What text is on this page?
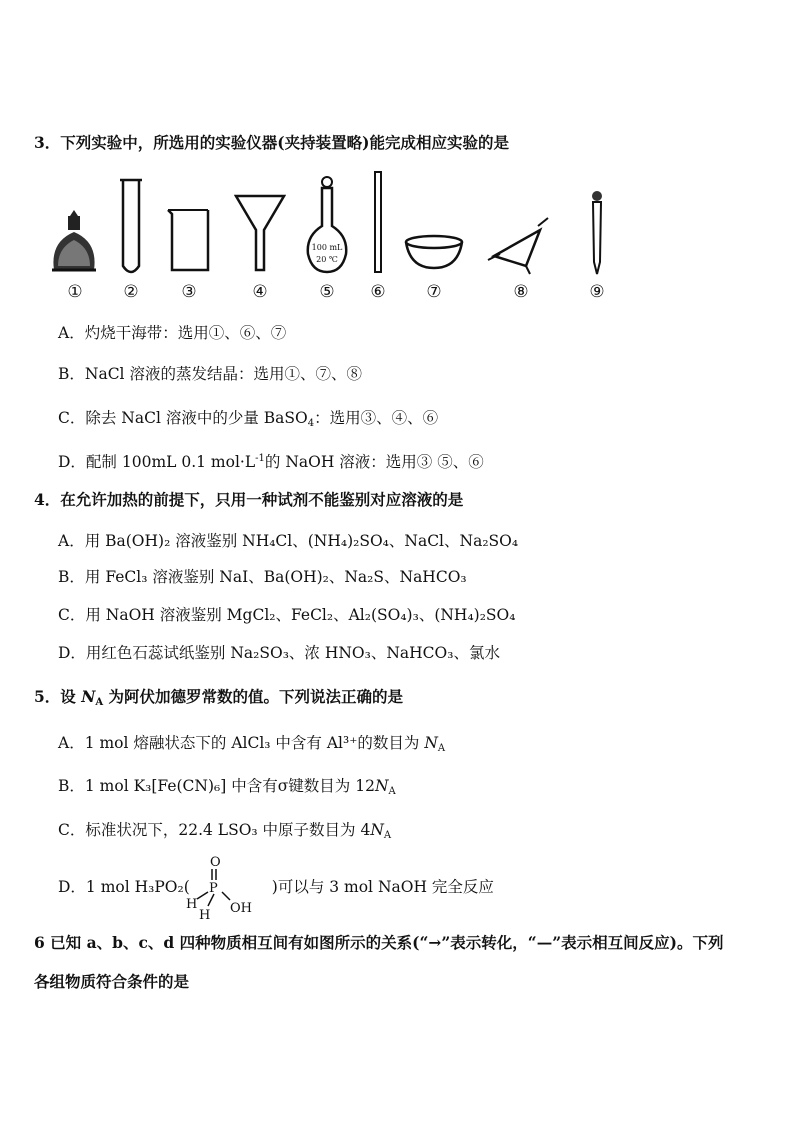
3．下列实验中，所选用的实验仪器(夹持装置略)能完成相应实验的是
100 mL
20 ℃
①	②	③	④	⑤	⑥	⑦	⑧	⑨
A．灼烧干海带：选用①、⑥、⑦
B．NaCl 溶液的蒸发结晶：选用①、⑦、⑧
C．除去 NaCl 溶液中的少量 BaSO$_4$：选用③、④、⑥
D．配制 100mL 0.1 $mol\cdot L^{-1}$的 NaOH 溶液：选用③ ⑤、⑥
4．在允许加热的前提下，只用一种试剂不能鉴别对应溶液的是
A．用 Ba(OH)₂ 溶液鉴别 NH₄Cl、(NH₄)₂SO₄、NaCl、Na₂SO₄
B．用 FeCl₃ 溶液鉴别 NaI、Ba(OH)₂、Na₂S、NaHCO₃
C．用 NaOH 溶液鉴别 MgCl₂、FeCl₂、Al₂(SO₄)₃、(NH₄)₂SO₄
D．用红色石蕊试纸鉴别 Na₂SO₃、浓 HNO₃、NaHCO₃、氯水
5．设 $N_A$ 为阿伏加德罗常数的值。下列说法正确的是
A．1 mol 熔融状态下的 AlCl₃ 中含有 Al³⁺的数目为 $N_A$
B．1 mol K₃[Fe(CN)₆] 中含有σ键数目为 $12N_A$
C．标准状况下，22.4 LSO₃ 中原子数目为 $4N_A$
D．1 mol H₃PO₂(	)可以与 3 mol NaOH 完全反应
O
P
H	OH
H
6 已知 a、b、c、d 四种物质相互间有如图所示的关系(“→”表示转化，“—”表示相互间反应)。下列
各组物质符合条件的是
